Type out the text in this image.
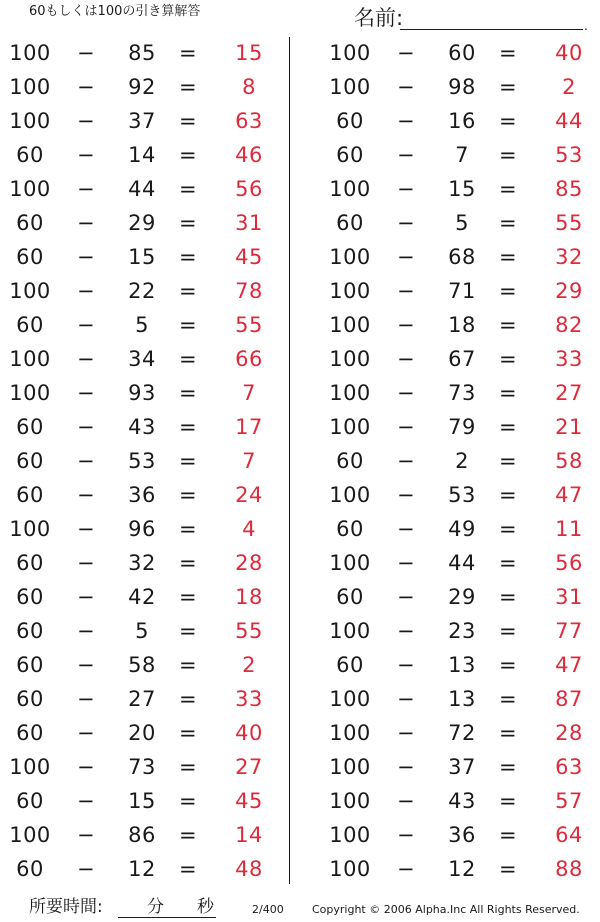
60もしくは100の引き算解答	名前:	.
100	−	85	=	15
100	−	92	=	8
100	−	37	=	63
60	−	14	=	46
100	−	44	=	56
60	−	29	=	31
60	−	15	=	45
100	−	22	=	78
60	−	5	=	55
100	−	34	=	66
100	−	93	=	7
60	−	43	=	17
60	−	53	=	7
60	−	36	=	24
100	−	96	=	4
60	−	32	=	28
60	−	42	=	18
60	−	5	=	55
60	−	58	=	2
60	−	27	=	33
60	−	20	=	40
100	−	73	=	27
60	−	15	=	45
100	−	86	=	14
60	−	12	=	48
100	−	60	=	40
100	−	98	=	2
60	−	16	=	44
60	−	7	=	53
100	−	15	=	85
60	−	5	=	55
100	−	68	=	32
100	−	71	=	29
100	−	18	=	82
100	−	67	=	33
100	−	73	=	27
100	−	79	=	21
60	−	2	=	58
100	−	53	=	47
60	−	49	=	11
100	−	44	=	56
60	−	29	=	31
100	−	23	=	77
60	−	13	=	47
100	−	13	=	87
100	−	72	=	28
100	−	37	=	63
100	−	43	=	57
100	−	36	=	64
100	−	12	=	88
所要時間:	分 秒	2/400	Copyright © 2006 Alpha.Inc All Rights Reserved.
